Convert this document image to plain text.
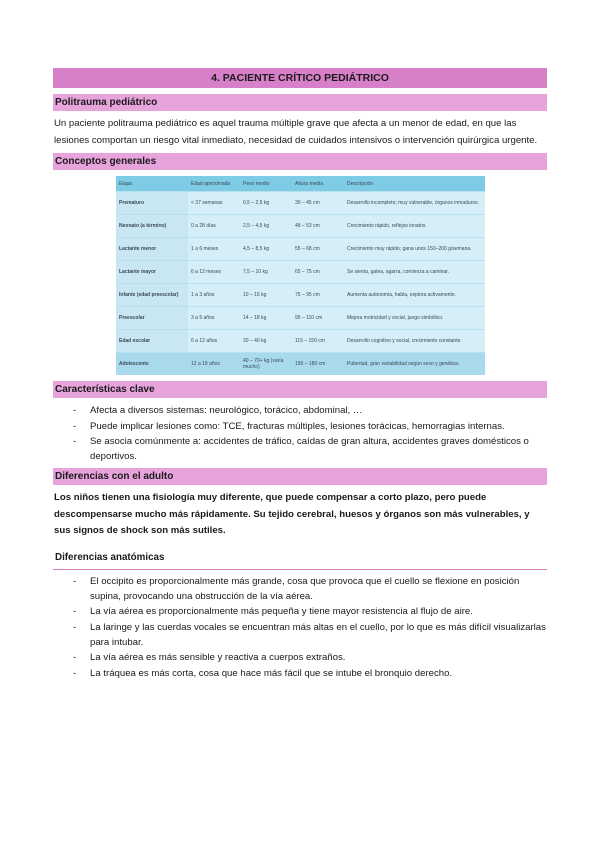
4. PACIENTE CRÍTICO PEDIÁTRICO
Politrauma pediátrico

Un paciente politrauma pediátrico es aquel trauma múltiple grave que afecta a un menor de edad, en que las lesiones comportan un riesgo vital inmediato, necesidad de cuidados intensivos o intervención quirúrgica urgente.

Conceptos generales
Etapa	Edad aproximada	Peso medio	Altura media	Descripción
Prematuro	< 37 semanas	0,5 – 2,5 kg	30 – 45 cm	Desarrollo incompleto; muy vulnerable, órganos inmaduros.
Neonato (a término)	0 a 28 días	2,5 – 4,5 kg	48 – 53 cm	Crecimiento rápido, reflejos innatos.
Lactante menor	1 a 6 meses	4,5 – 8,5 kg	55 – 68 cm	Crecimiento muy rápido; gana unos 150–200 g/semana.
Lactante mayor	6 a 12 meses	7,5 – 10 kg	65 – 75 cm	Se sienta, gatea, agarra, comienza a caminar.
Infante (edad preescolar)	1 a 3 años	10 – 15 kg	75 – 95 cm	Aumenta autonomía, habla, explora activamente.
Preescolar	3 a 5 años	14 – 18 kg	95 – 110 cm	Mejora motricidad y social, juego simbólico.
Edad escolar	6 a 12 años	20 – 40 kg	115 – 150 cm	Desarrollo cognitivo y social, crecimiento constante.
Adolescente	12 a 18 años	40 – 70+ kg (varía mucho)	150 – 180 cm	Pubertad, gran variabilidad según sexo y genética.
Características clave
- Afecta a diversos sistemas: neurológico, torácico, abdominal, …
- Puede implicar lesiones como: TCE, fracturas múltiples, lesiones torácicas, hemorragias internas.
- Se asocia comúnmente a: accidentes de tráfico, caídas de gran altura, accidentes graves domésticos o deportivos.
Diferencias con el adulto

Los niños tienen una fisiología muy diferente, que puede compensar a corto plazo, pero puede descompensarse mucho más rápidamente. Su tejido cerebral, huesos y órganos son más vulnerables, y sus signos de shock son más sutiles.

Diferencias anatómicas
- El occipito es proporcionalmente más grande, cosa que provoca que el cuello se flexione en posición supina, provocando una obstrucción de la vía aérea.
- La vía aérea es proporcionalmente más pequeña y tiene mayor resistencia al flujo de aire.
- La laringe y las cuerdas vocales se encuentran más altas en el cuello, por lo que es más difícil visualizarlas para intubar.
- La vía aérea es más sensible y reactiva a cuerpos extraños.
- La tráquea es más corta, cosa que hace más fácil que se intube el bronquio derecho.
